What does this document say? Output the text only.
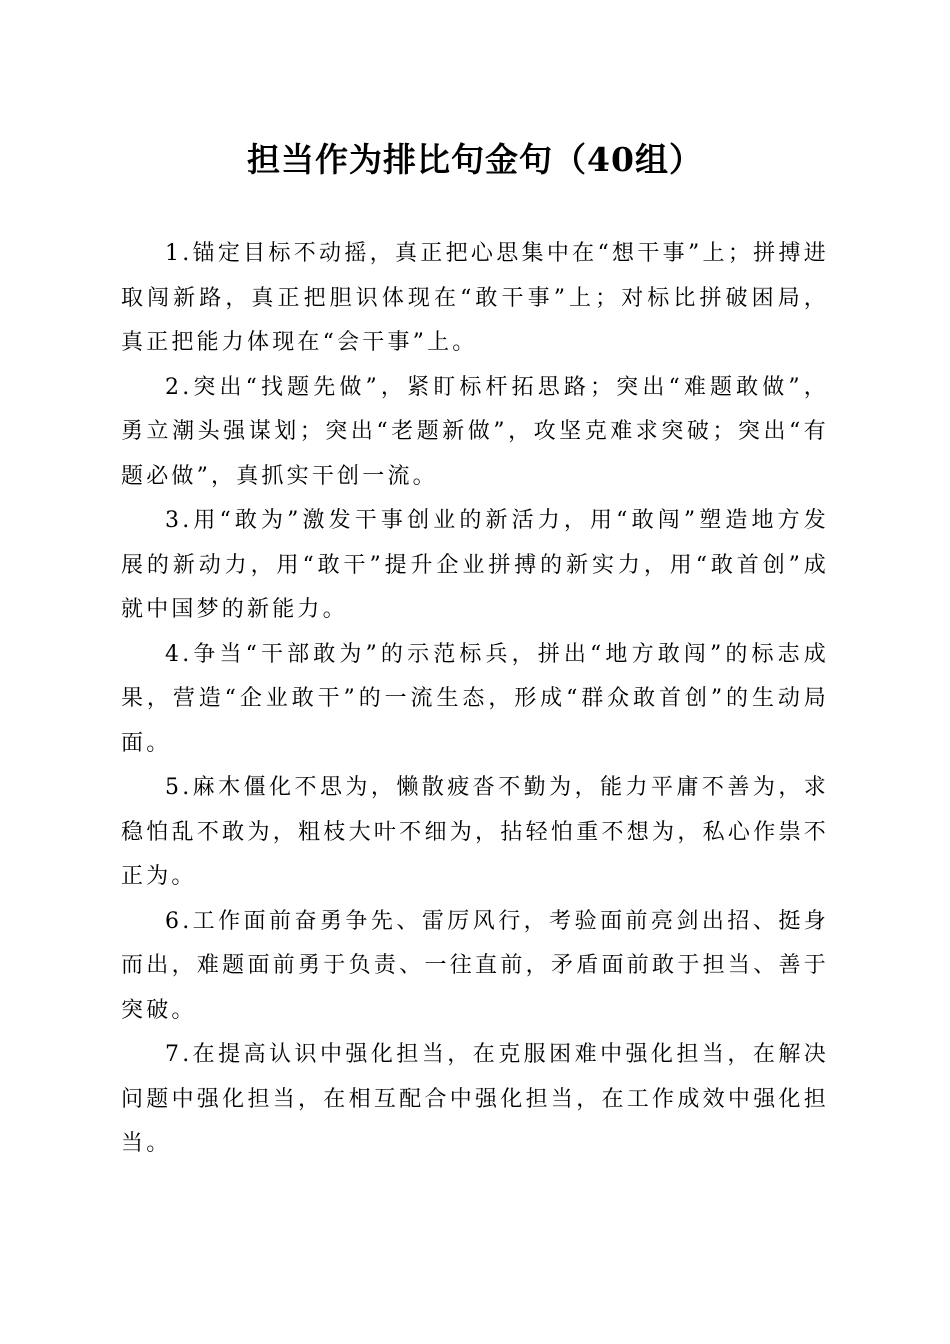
担当作为排比句金句（40组）

1.锚定目标不动摇，真正把心思集中在“想干事”上；拼搏进取闯新路，真正把胆识体现在“敢干事”上；对标比拼破困局，真正把能力体现在“会干事”上。

2.突出“找题先做”，紧盯标杆拓思路；突出“难题敢做”，勇立潮头强谋划；突出“老题新做”，攻坚克难求突破；突出“有题必做”，真抓实干创一流。

3.用“敢为”激发干事创业的新活力，用“敢闯”塑造地方发展的新动力，用“敢干”提升企业拼搏的新实力，用“敢首创”成就中国梦的新能力。

4.争当“干部敢为”的示范标兵，拼出“地方敢闯”的标志成果，营造“企业敢干”的一流生态，形成“群众敢首创”的生动局面。

5.麻木僵化不思为，懒散疲沓不勤为，能力平庸不善为，求稳怕乱不敢为，粗枝大叶不细为，拈轻怕重不想为，私心作祟不正为。

6.工作面前奋勇争先、雷厉风行，考验面前亮剑出招、挺身而出，难题面前勇于负责、一往直前，矛盾面前敢于担当、善于突破。

7.在提高认识中强化担当，在克服困难中强化担当，在解决问题中强化担当，在相互配合中强化担当，在工作成效中强化担当。
